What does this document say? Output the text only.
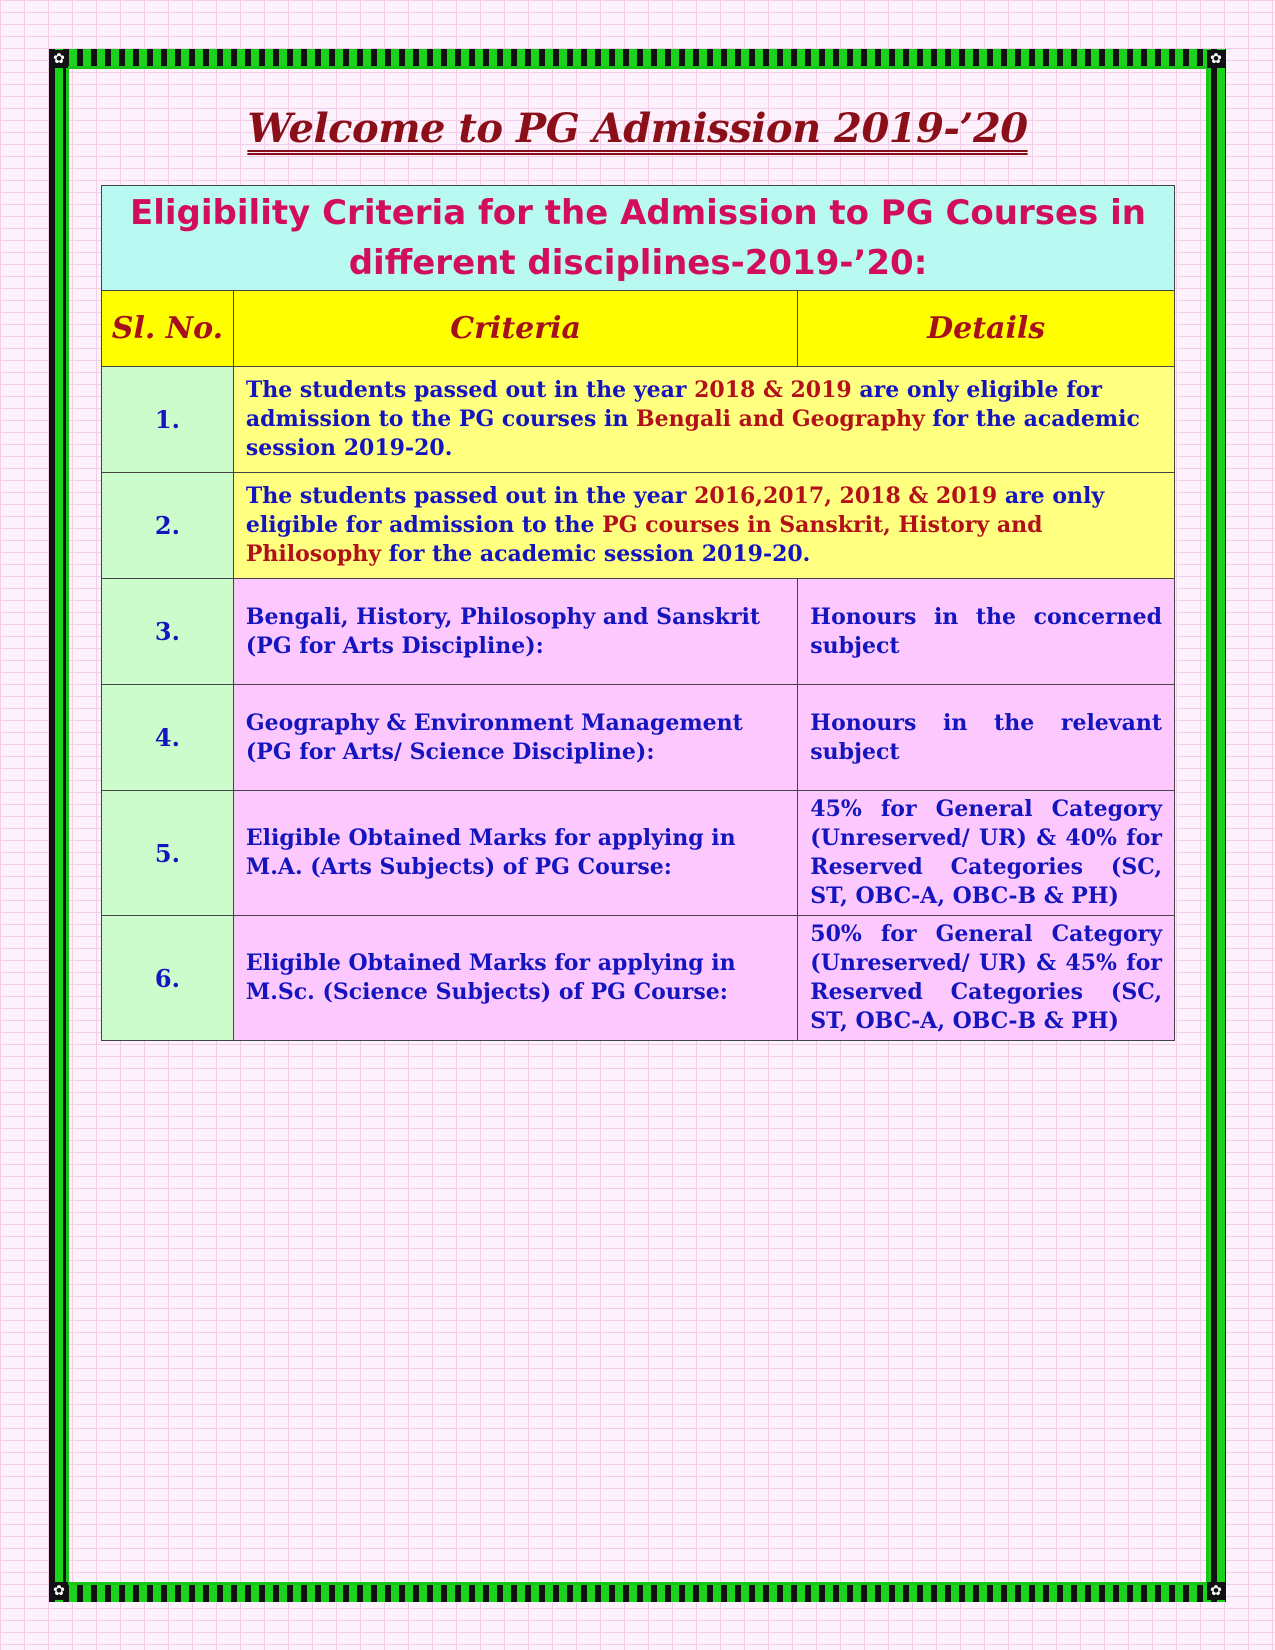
✿	✿
✿	✿
Welcome to PG Admission 2019-’20
Eligibility Criteria for the Admission to PG Courses in
different disciplines-2019-’20:		

Sl. No.	Criteria	Details
1.	The students passed out in the year 2018 & 2019 are only eligible for admission to the PG courses in Bengali and Geography for the academic session 2019-20.	
2.	The students passed out in the year 2016,2017, 2018 & 2019 are only eligible for admission to the PG courses in Sanskrit, History and Philosophy for the academic session 2019-20.	
3.	Bengali, History, Philosophy and Sanskrit (PG for Arts Discipline):	Honours in the concerned subject
4.	Geography & Environment Management (PG for Arts/ Science Discipline):	Honours in the relevant subject
5.	Eligible Obtained Marks for applying in M.A. (Arts Subjects) of PG Course:	45% for General Category (Unreserved/ UR) & 40% for Reserved Categories (SC, ST, OBC-A, OBC-B & PH)
6.	Eligible Obtained Marks for applying in M.Sc. (Science Subjects) of PG Course:	50% for General Category (Unreserved/ UR) & 45% for Reserved Categories (SC, ST, OBC-A, OBC-B & PH)
